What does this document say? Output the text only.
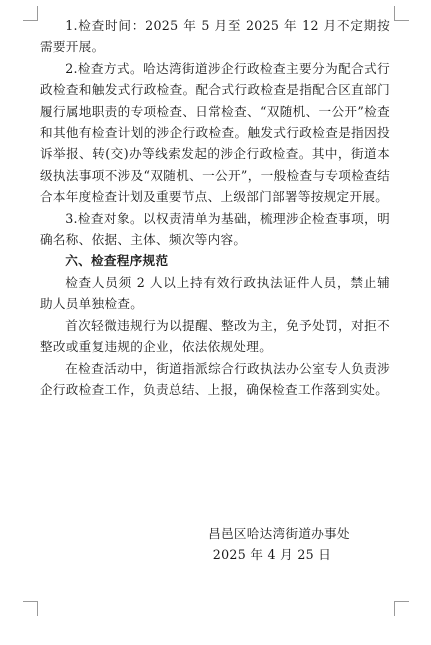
1.检查时间：2025 年 5 月至 2025 年 12 月不定期按需要开展。

2.检查方式。哈达湾街道涉企行政检查主要分为配合式行政检查和触发式行政检查。配合式行政检查是指配合区直部门履行属地职责的专项检查、日常检查、“双随机、一公开”检查和其他有检查计划的涉企行政检查。触发式行政检查是指因投诉举报、转(交)办等线索发起的涉企行政检查。其中，街道本级执法事项不涉及“双随机、一公开”，一般检查与专项检查结合本年度检查计划及重要节点、上级部门部署等按规定开展。

3.检查对象。以权责清单为基础，梳理涉企检查事项，明确名称、依据、主体、频次等内容。

六、检查程序规范

检查人员须 2 人以上持有效行政执法证件人员，禁止辅助人员单独检查。

首次轻微违规行为以提醒、整改为主，免予处罚，对拒不整改或重复违规的企业，依法依规处理。

在检查活动中，街道指派综合行政执法办公室专人负责涉企行政检查工作，负责总结、上报，确保检查工作落到实处。

昌邑区哈达湾街道办事处
2025 年 4 月 25 日
